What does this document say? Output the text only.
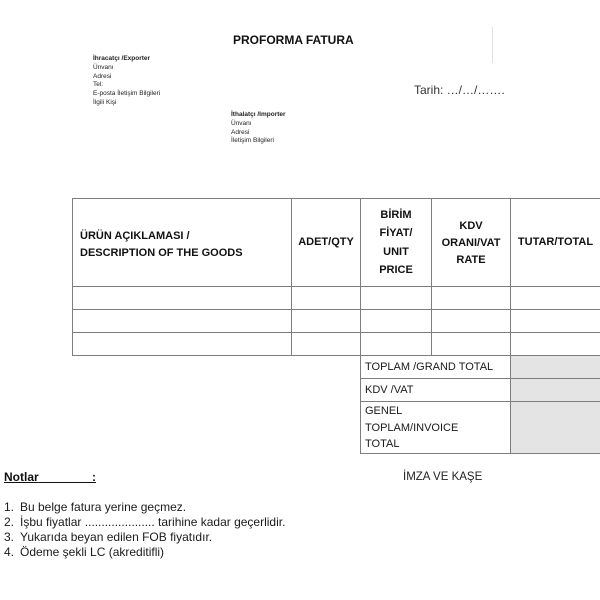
PROFORMA FATURA
İhracatçı /Exporter
Ünvanı
Adresi
Tel:
E-posta İletişim Bilgileri
İlgili Kişi
Tarih: …/…/…….
İthalatçı /Importer
Ünvanı
Adresi
İletişim Bilgileri
ÜRÜN AÇIKLAMASI /
DESCRIPTION OF THE GOODS
ADET/QTY
BİRİM
FİYAT/
UNIT
PRICE
KDV
ORANI/VAT
RATE
TUTAR/TOTAL
TOPLAM /GRAND TOTAL
KDV /VAT
GENEL
TOPLAM/INVOICE
TOTAL
Notlar	:	İMZA VE KAŞE
1. Bu belge fatura yerine geçmez.
2. İşbu fiyatlar ..................... tarihine kadar geçerlidir.
3. Yukarıda beyan edilen FOB fiyatıdır.
4. Ödeme şekli LC (akreditifli)
